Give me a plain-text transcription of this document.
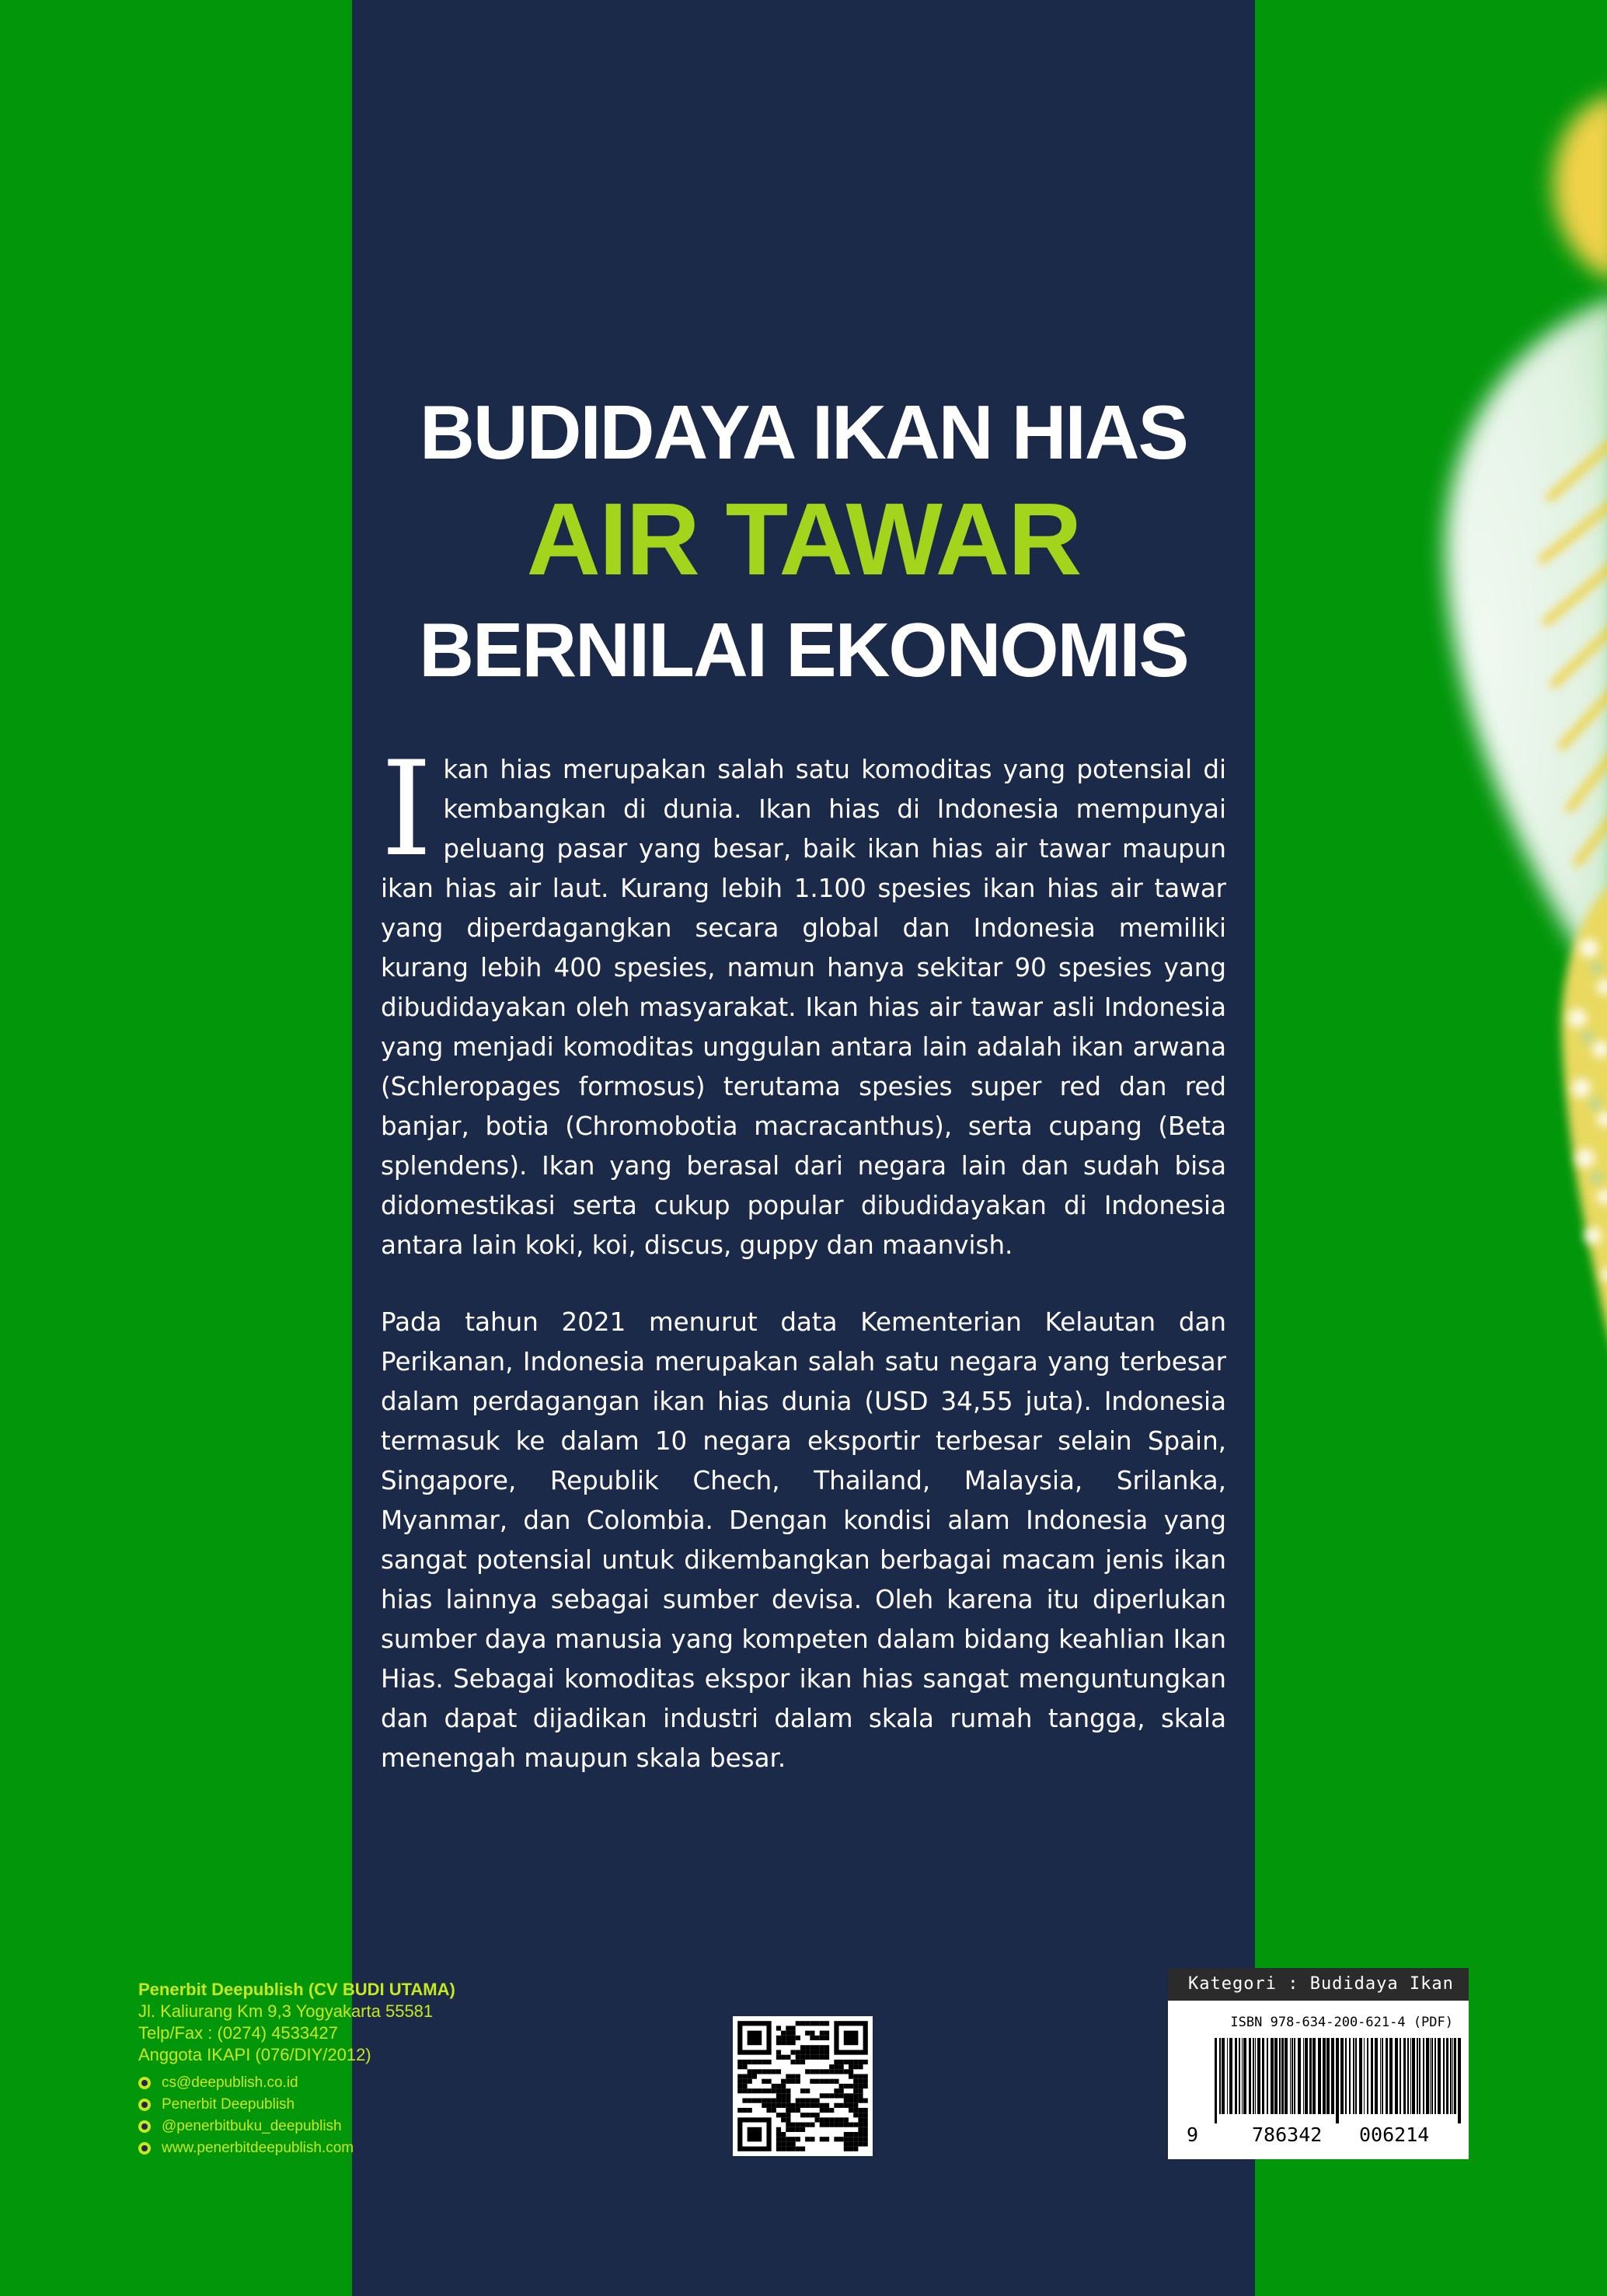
BUDIDAYA IKAN HIAS
AIR TAWAR
BERNILAI EKONOMIS

Ikan hias merupakan salah satu komoditas yang potensial di kembangkan di dunia. Ikan hias di Indonesia mempunyai peluang pasar yang besar, baik ikan hias air tawar maupun ikan hias air laut. Kurang lebih 1.100 spesies ikan hias air tawar yang diperdagangkan secara global dan Indonesia memiliki kurang lebih 400 spesies, namun hanya sekitar 90 spesies yang dibudidayakan oleh masyarakat. Ikan hias air tawar asli Indonesia yang menjadi komoditas unggulan antara lain adalah ikan arwana (Schleropages formosus) terutama spesies super red dan red banjar, botia (Chromobotia macracanthus), serta cupang (Beta splendens). Ikan yang berasal dari negara lain dan sudah bisa didomestikasi serta cukup popular dibudidayakan di Indonesia antara lain koki, koi, discus, guppy dan maanvish.

Pada tahun 2021 menurut data Kementerian Kelautan dan Perikanan, Indonesia merupakan salah satu negara yang terbesar dalam perdagangan ikan hias dunia (USD 34,55 juta). Indonesia termasuk ke dalam 10 negara eksportir terbesar selain Spain, Singapore, Republik Chech, Thailand, Malaysia, Srilanka, Myanmar, dan Colombia. Dengan kondisi alam Indonesia yang sangat potensial untuk dikembangkan berbagai macam jenis ikan hias lainnya sebagai sumber devisa. Oleh karena itu diperlukan sumber daya manusia yang kompeten dalam bidang keahlian Ikan Hias. Sebagai komoditas ekspor ikan hias sangat menguntungkan dan dapat dijadikan industri dalam skala rumah tangga, skala menengah maupun skala besar.

Penerbit Deepublish (CV BUDI UTAMA)
Jl. Kaliurang Km 9,3 Yogyakarta 55581
Telp/Fax : (0274) 4533427
Anggota IKAPI (076/DIY/2012)
cs@deepublish.co.id
Penerbit Deepublish
@penerbitbuku_deepublish
www.penerbitdeepublish.com
Kategori : Budidaya Ikan
ISBN 978-634-200-621-4 (PDF)
9	786342 006214
